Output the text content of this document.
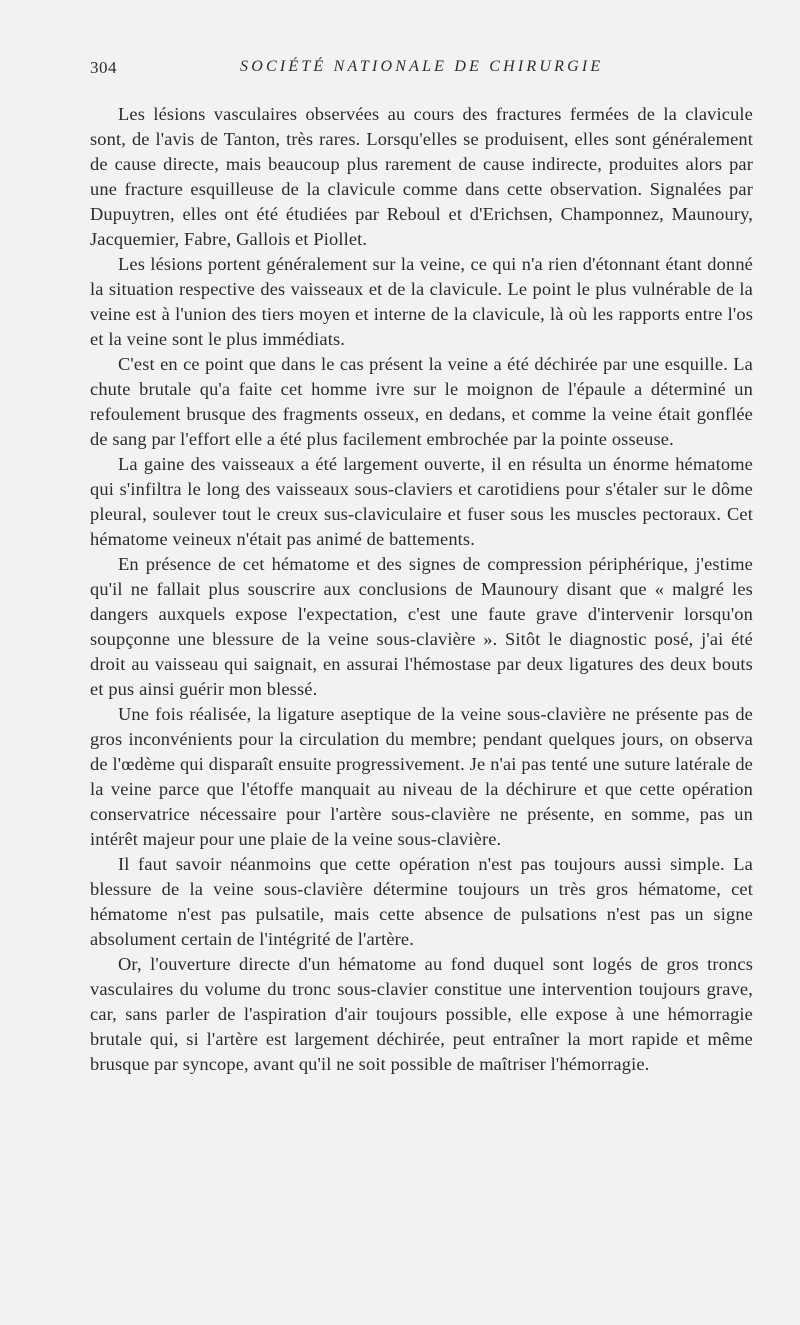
304	SOCIÉTÉ NATIONALE DE CHIRURGIE

Les lésions vasculaires observées au cours des fractures fermées de la clavicule sont, de l'avis de Tanton, très rares. Lorsqu'elles se produisent, elles sont généralement de cause directe, mais beaucoup plus rarement de cause indirecte, produites alors par une fracture esquilleuse de la clavicule comme dans cette observation. Signalées par Dupuytren, elles ont été étudiées par Reboul et d'Erichsen, Champonnez, Maunoury, Jacquemier, Fabre, Gallois et Piollet.

Les lésions portent généralement sur la veine, ce qui n'a rien d'étonnant étant donné la situation respective des vaisseaux et de la clavicule. Le point le plus vulnérable de la veine est à l'union des tiers moyen et interne de la clavicule, là où les rapports entre l'os et la veine sont le plus immédiats.

C'est en ce point que dans le cas présent la veine a été déchirée par une esquille. La chute brutale qu'a faite cet homme ivre sur le moignon de l'épaule a déterminé un refoulement brusque des fragments osseux, en dedans, et comme la veine était gonflée de sang par l'effort elle a été plus facilement embrochée par la pointe osseuse.

La gaine des vaisseaux a été largement ouverte, il en résulta un énorme hématome qui s'infiltra le long des vaisseaux sous-claviers et carotidiens pour s'étaler sur le dôme pleural, soulever tout le creux sus-claviculaire et fuser sous les muscles pectoraux. Cet hématome veineux n'était pas animé de battements.

En présence de cet hématome et des signes de compression périphérique, j'estime qu'il ne fallait plus souscrire aux conclusions de Maunoury disant que « malgré les dangers auxquels expose l'expectation, c'est une faute grave d'intervenir lorsqu'on soupçonne une blessure de la veine sous-clavière ». Sitôt le diagnostic posé, j'ai été droit au vaisseau qui saignait, en assurai l'hémostase par deux ligatures des deux bouts et pus ainsi guérir mon blessé.

Une fois réalisée, la ligature aseptique de la veine sous-clavière ne présente pas de gros inconvénients pour la circulation du membre; pendant quelques jours, on observa de l'œdème qui disparaît ensuite progressivement. Je n'ai pas tenté une suture latérale de la veine parce que l'étoffe manquait au niveau de la déchirure et que cette opération conservatrice nécessaire pour l'artère sous-clavière ne présente, en somme, pas un intérêt majeur pour une plaie de la veine sous-clavière.

Il faut savoir néanmoins que cette opération n'est pas toujours aussi simple. La blessure de la veine sous-clavière détermine toujours un très gros hématome, cet hématome n'est pas pulsatile, mais cette absence de pulsations n'est pas un signe absolument certain de l'intégrité de l'artère.

Or, l'ouverture directe d'un hématome au fond duquel sont logés de gros troncs vasculaires du volume du tronc sous-clavier constitue une intervention toujours grave, car, sans parler de l'aspiration d'air toujours possible, elle expose à une hémorragie brutale qui, si l'artère est largement déchirée, peut entraîner la mort rapide et même brusque par syncope, avant qu'il ne soit possible de maîtriser l'hémorragie.
